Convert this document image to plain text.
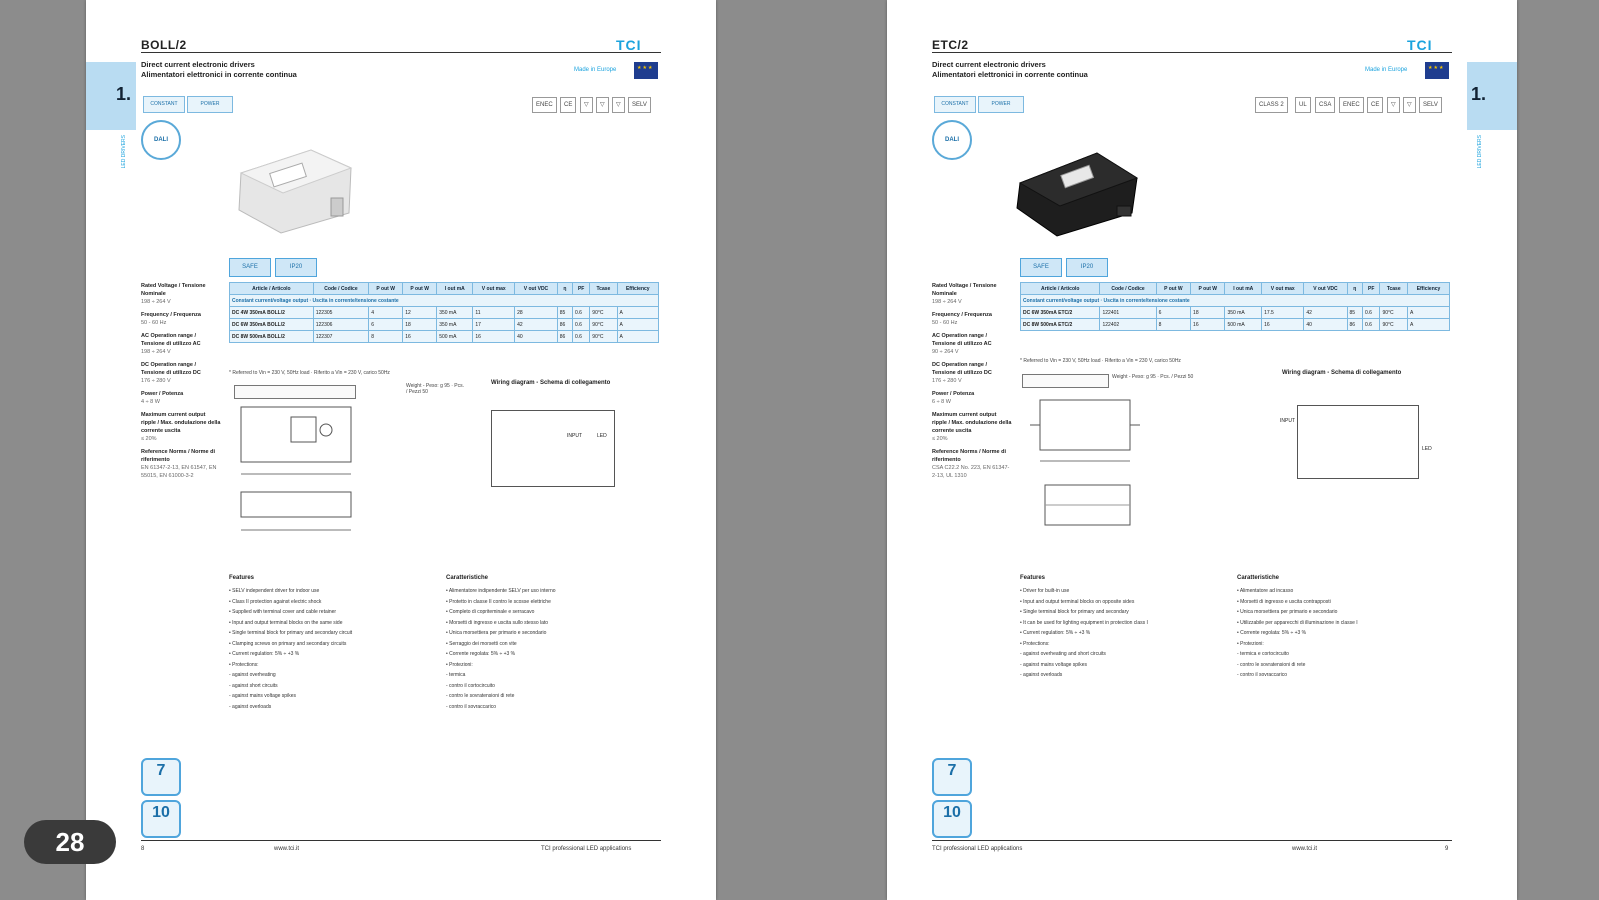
BOLL/2	TCI
Direct current electronic drivers
Alimentatori elettronici in corrente continua	Made in Europe
★★★
1.
LED DRIVERS
CONSTANT	POWER	SELV
▽
▽
▽
CE
ENEC
DALI
SAFE	IP20
Rated Voltage / Tensione Nominale
198 ÷ 264 V
Frequency / Frequenza
50 - 60 Hz
AC Operation range / Tensione di utilizzo AC
198 ÷ 264 V
DC Operation range / Tensione di utilizzo DC
176 ÷ 280 V
Power / Potenza
4 ÷ 8 W
Maximum current output ripple / Max. ondulazione della corrente uscita
≤ 20%
Reference Norms / Norme di riferimento
EN 61347-2-13, EN 61547, EN 55015, EN 61000-3-2
Article / Articolo	Code / Codice	P out W	P out W	I out mA	V out max	V out VDC	η	PF	Tcase	Efficiency
Constant current/voltage output · Uscita in corrente/tensione costante										
DC 4W 350mA BOLL/2	122305	4	12	350 mA	11	28	85	0.6	90°C	A
DC 6W 350mA BOLL/2	122306	6	18	350 mA	17	42	86	0.6	90°C	A
DC 8W 500mA BOLL/2	122307	8	16	500 mA	16	40	86	0.6	90°C	A
* Referred to Vin = 230 V, 50Hz load · Riferito a Vin = 230 V, carico 50Hz
Weight - Peso: g 95 · Pcs. / Pezzi 50
Wiring diagram - Schema di collegamento
INPUT	LED
Features
• SELV independent driver for indoor use
• Class II protection against electric shock
• Supplied with terminal cover and cable retainer
• Input and output terminal blocks on the same side
• Single terminal block for primary and secondary circuit
• Clamping screws on primary and secondary circuits
• Current regulation: 5% ÷ +3 %
• Protections:
- against overheating
- against short circuits
- against mains voltage spikes
- against overloads
Caratteristiche
• Alimentatore indipendente SELV per uso interno
• Protetto in classe II contro le scosse elettriche
• Completo di copriteminale e serracavo
• Morsetti di ingresso e uscita sullo stesso lato
• Unica morsettiera per primario e secondario
• Serraggio dei morsetti con vite
• Corrente regolata: 5% ÷ +3 %
• Protezioni:
- termica
- contro il cortocircuito
- contro le sovratensioni di rete
- contro il sovraccarico
7
10
8	www.tci.it	TCI professional LED applications
ETC/2	TCI
Direct current electronic drivers
Alimentatori elettronici in corrente continua	Made in Europe
★★★
1.
LED DRIVERS
CONSTANT	POWER	SELV
▽
▽
CE
ENEC
CSA
UL
CLASS 2
DALI
SAFE	IP20
Rated Voltage / Tensione Nominale
198 ÷ 264 V
Frequency / Frequenza
50 - 60 Hz
AC Operation range / Tensione di utilizzo AC
90 ÷ 264 V
DC Operation range / Tensione di utilizzo DC
176 ÷ 280 V
Power / Potenza
6 ÷ 8 W
Maximum current output ripple / Max. ondulazione della corrente uscita
≤ 20%
Reference Norms / Norme di riferimento
CSA C22.2 No. 223, EN 61347-2-13, UL 1310
Article / Articolo	Code / Codice	P out W	P out W	I out mA	V out max	V out VDC	η	PF	Tcase	Efficiency
Constant current/voltage output · Uscita in corrente/tensione costante										
DC 6W 350mA ETC/2	122401	6	18	350 mA	17.5	42	85	0.6	90°C	A
DC 8W 500mA ETC/2	122402	8	16	500 mA	16	40	86	0.6	90°C	A
* Referred to Vin = 230 V, 50Hz load · Riferito a Vin = 230 V, carico 50Hz
Weight - Peso: g 95 · Pcs. / Pezzi 50
Wiring diagram - Schema di collegamento
INPUT
LED
Features
• Driver for built-in use
• Input and output terminal blocks on opposite sides
• Single terminal block for primary and secondary
• It can be used for lighting equipment in protection class I
• Current regulation: 5% ÷ +3 %
• Protections:
- against overheating and short circuits
- against mains voltage spikes
- against overloads
Caratteristiche
• Alimentatore ad incasso
• Morsetti di ingresso e uscita contrapposti
• Unica morsettiera per primario e secondario
• Utilizzabile per apparecchi di illuminazione in classe I
• Corrente regolata: 5% ÷ +3 %
• Protezioni:
- termica e cortocircuito
- contro le sovratensioni di rete
- contro il sovraccarico
7
10
TCI professional LED applications	www.tci.it	9
28
